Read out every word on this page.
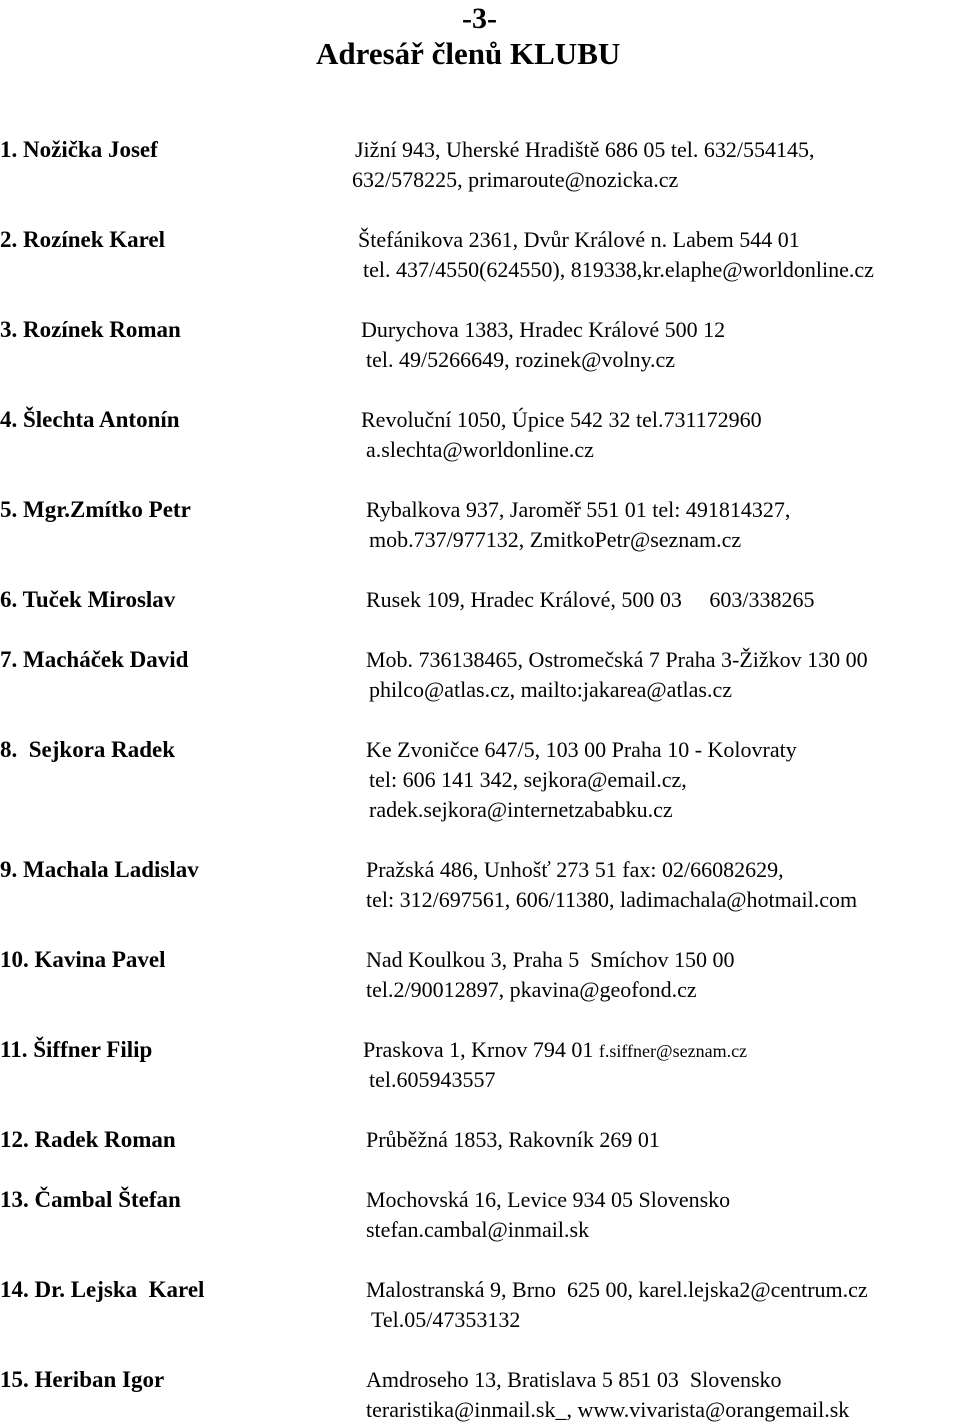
-3-
Adresář členů KLUBU
1. Nožička Josef	Jižní 943, Uherské Hradiště 686 05 tel. 632/554145,
632/578225, primaroute@nozicka.cz
2. Rozínek Karel	Štefánikova 2361, Dvůr Králové n. Labem 544 01
tel. 437/4550(624550), 819338,kr.elaphe@worldonline.cz
3. Rozínek Roman	Durychova 1383, Hradec Králové 500 12
tel. 49/5266649, rozinek@volny.cz
4. Šlechta Antonín	Revoluční 1050, Úpice 542 32 tel.731172960
a.slechta@worldonline.cz
5. Mgr.Zmítko Petr	Rybalkova 937, Jaroměř 551 01 tel: 491814327,
mob.737/977132, ZmitkoPetr@seznam.cz
6. Tuček Miroslav	Rusek 109, Hradec Králové, 500 03     603/338265
7. Macháček David	Mob. 736138465, Ostromečská 7 Praha 3-Žižkov 130 00
philco@atlas.cz, mailto:jakarea@atlas.cz
8.  Sejkora Radek	Ke Zvoničce 647/5, 103 00 Praha 10 - Kolovraty
tel: 606 141 342, sejkora@email.cz,
radek.sejkora@internetzababku.cz
9. Machala Ladislav	Pražská 486, Unhošť 273 51 fax: 02/66082629,
tel: 312/697561, 606/11380, ladimachala@hotmail.com
10. Kavina Pavel	Nad Koulkou 3, Praha 5  Smíchov 150 00
tel.2/90012897, pkavina@geofond.cz
11. Šiffner Filip	Praskova 1, Krnov 794 01 f.siffner@seznam.cz
tel.605943557
12. Radek Roman	Průběžná 1853, Rakovník 269 01
13. Čambal Štefan	Mochovská 16, Levice 934 05 Slovensko
stefan.cambal@inmail.sk
14. Dr. Lejska  Karel	Malostranská 9, Brno  625 00, karel.lejska2@centrum.cz
Tel.05/47353132
15. Heriban Igor	Amdroseho 13, Bratislava 5 851 03  Slovensko
teraristika@inmail.sk_, www.vivarista@orangemail.sk
